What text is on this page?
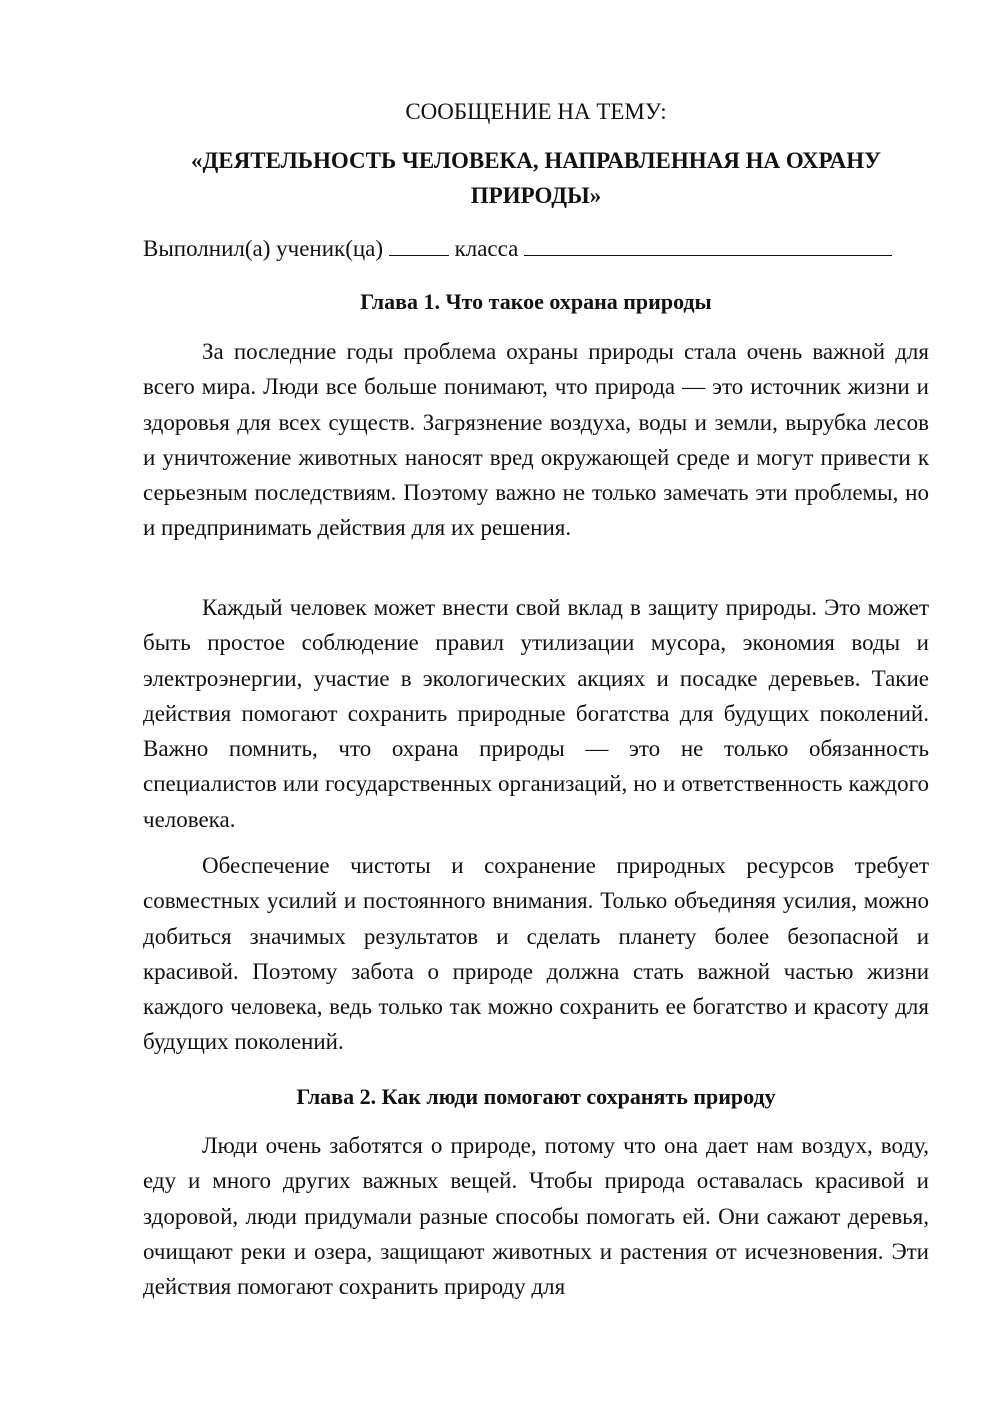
СООБЩЕНИЕ НА ТЕМУ:

«ДЕЯТЕЛЬНОСТЬ ЧЕЛОВЕКА, НАПРАВЛЕННАЯ НА ОХРАНУ
ПРИРОДЫ»
Выполнил(а) ученик(ца)	класса
Глава 1. Что такое охрана природы

За последние годы проблема охраны природы стала очень важной для всего мира. Люди все больше понимают, что природа — это источник жизни и здоровья для всех существ. Загрязнение воздуха, воды и земли, вырубка лесов и уничтожение животных наносят вред окружающей среде и могут привести к серьезным последствиям. Поэтому важно не только замечать эти проблемы, но и предпринимать действия для их решения.

Каждый человек может внести свой вклад в защиту природы. Это может быть простое соблюдение правил утилизации мусора, экономия воды и электроэнергии, участие в экологических акциях и посадке деревьев. Такие действия помогают сохранить природные богатства для будущих поколений. Важно помнить, что охрана природы — это не только обязанность специалистов или государственных организаций, но и ответственность каждого человека.

Обеспечение чистоты и сохранение природных ресурсов требует совместных усилий и постоянного внимания. Только объединяя усилия, можно добиться значимых результатов и сделать планету более безопасной и красивой. Поэтому забота о природе должна стать важной частью жизни каждого человека, ведь только так можно сохранить ее богатство и красоту для будущих поколений.

Глава 2. Как люди помогают сохранять природу

Люди очень заботятся о природе, потому что она дает нам воздух, воду, еду и много других важных вещей. Чтобы природа оставалась красивой и здоровой, люди придумали разные способы помогать ей. Они сажают деревья, очищают реки и озера, защищают животных и растения от исчезновения. Эти действия помогают сохранить природу для
